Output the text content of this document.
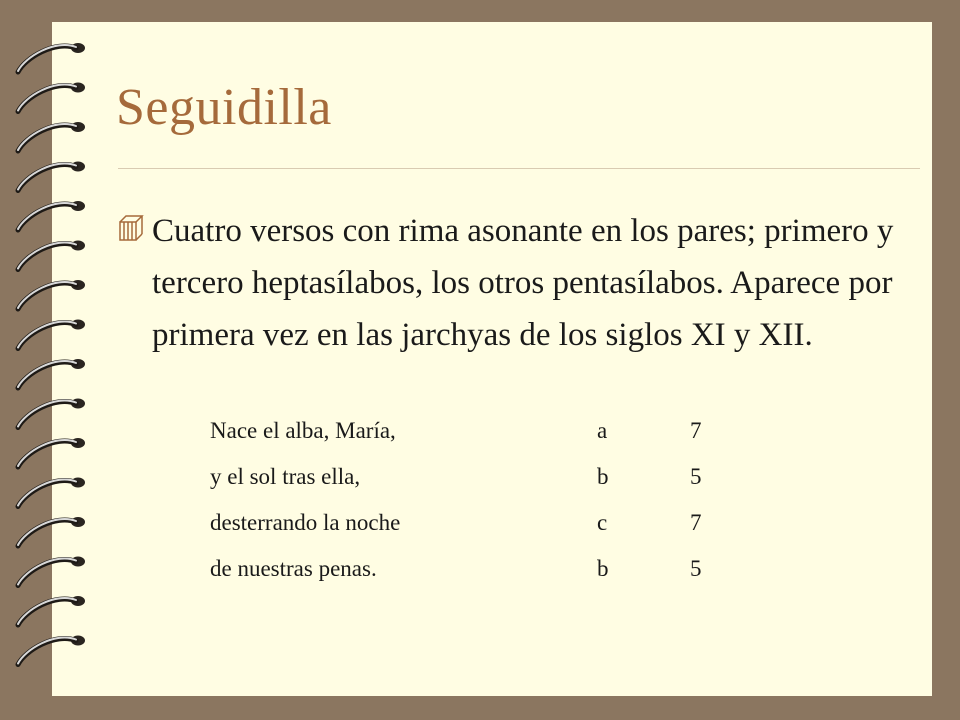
Seguidilla

Cuatro versos con rima asonante en los pares; primero y tercero heptasílabos, los otros pentasílabos. Aparece por primera vez en las jarchyas de los siglos XI y XII.

Nace el alba, María,	a	7
y el sol tras ella,	b	5
desterrando la noche	c	7
de nuestras penas.	b	5
